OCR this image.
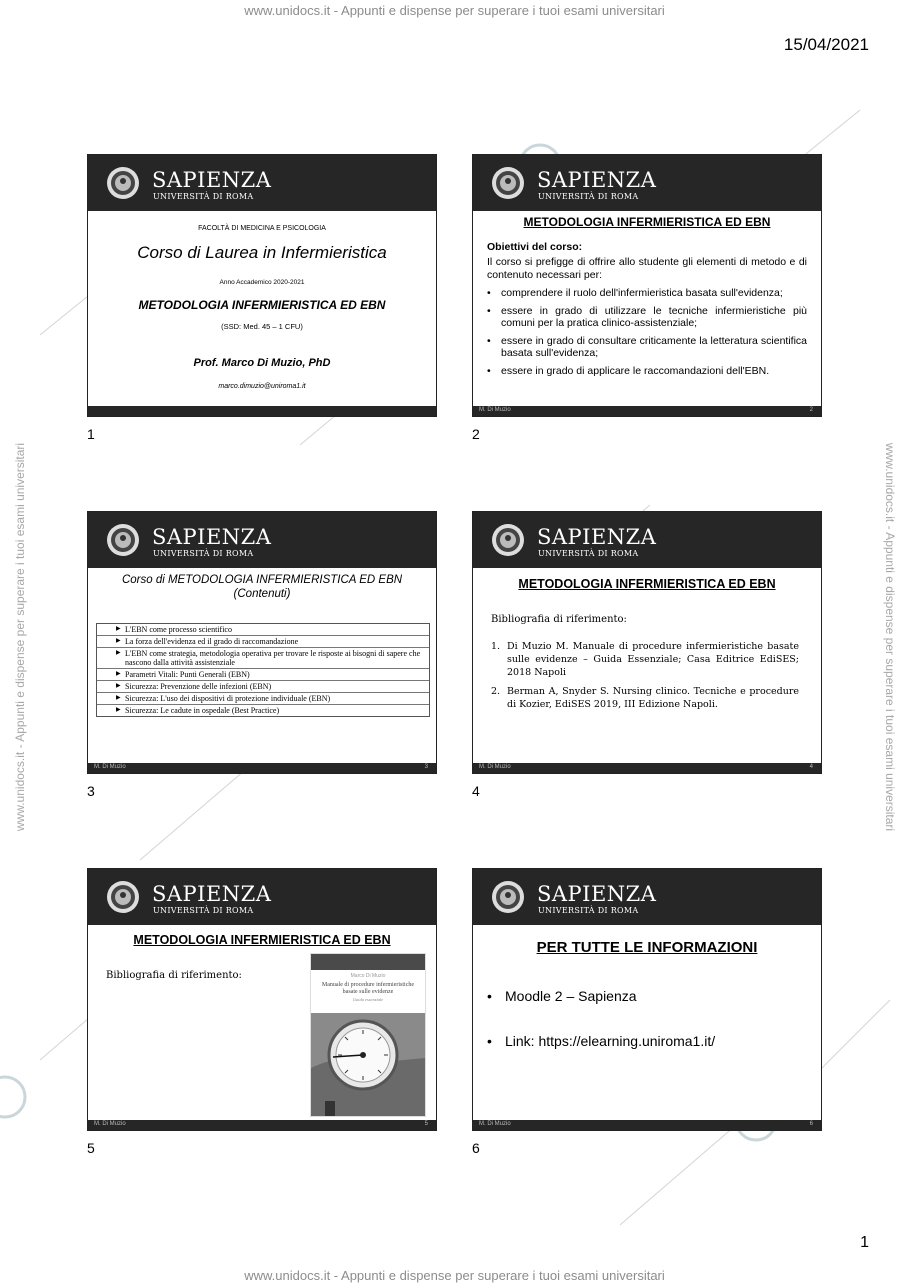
www.unidocs.it - Appunti e dispense per superare i tuoi esami universitari
www.unidocs.it - Appunti e dispense per superare i tuoi esami universitari
www.unidocs.it - Appunti e dispense per superare i tuoi esami universitari	www.unidocs.it - Appunti e dispense per superare i tuoi esami universitari
15/04/2021
1
SAPIENZA
UNIVERSITÀ DI ROMA
FACOLTÀ DI MEDICINA E PSICOLOGIA
Corso di Laurea in Infermieristica
Anno Accademico 2020-2021
METODOLOGIA INFERMIERISTICA ED EBN
(SSD: Med. 45 – 1 CFU)
Prof. Marco Di Muzio, PhD
marco.dimuzio@uniroma1.it
1
SAPIENZA
UNIVERSITÀ DI ROMA
METODOLOGIA INFERMIERISTICA ED EBN
Obiettivi del corso:
Il corso si prefigge di offrire allo studente gli elementi di metodo e di contenuto necessari per:
• comprendere il ruolo dell'infermieristica basata sull'evidenza;
• essere in grado di utilizzare le tecniche infermieristiche più comuni per la pratica clinico-assistenziale;
• essere in grado di consultare criticamente la letteratura scientifica basata sull'evidenza;
• essere in grado di applicare le raccomandazioni dell'EBN.
M. Di Muzio	2
2
SAPIENZA
UNIVERSITÀ DI ROMA
Corso di METODOLOGIA INFERMIERISTICA ED EBN
(Contenuti)
▶ L'EBN come processo scientifico
▶ La forza dell'evidenza ed il grado di raccomandazione
▶ L'EBN come strategia, metodologia operativa per trovare le risposte ai bisogni di sapere che nascono dalla attività assistenziale
▶ Parametri Vitali: Punti Generali (EBN)
▶ Sicurezza: Prevenzione delle infezioni (EBN)
▶ Sicurezza: L'uso dei dispositivi di protezione individuale (EBN)
▶ Sicurezza: Le cadute in ospedale (Best Practice)
M. Di Muzio	3
3
SAPIENZA
UNIVERSITÀ DI ROMA
METODOLOGIA INFERMIERISTICA ED EBN
Bibliografia di riferimento:
1. Di Muzio M. Manuale di procedure infermieristiche basate sulle evidenze – Guida Essenziale; Casa Editrice EdiSES; 2018 Napoli
2. Berman A, Snyder S. Nursing clinico. Tecniche e procedure di Kozier, EdiSES 2019, III Edizione Napoli.
M. Di Muzio	4
4
SAPIENZA
UNIVERSITÀ DI ROMA
METODOLOGIA INFERMIERISTICA ED EBN
Bibliografia di riferimento:	Marco Di Muzio
Manuale di procedure infermieristiche basate sulle evidenze
Guida essenziale
M. Di Muzio	5
5
SAPIENZA
UNIVERSITÀ DI ROMA
PER TUTTE LE INFORMAZIONI
• Moodle 2 – Sapienza
• Link: https://elearning.uniroma1.it/
M. Di Muzio	6
6
